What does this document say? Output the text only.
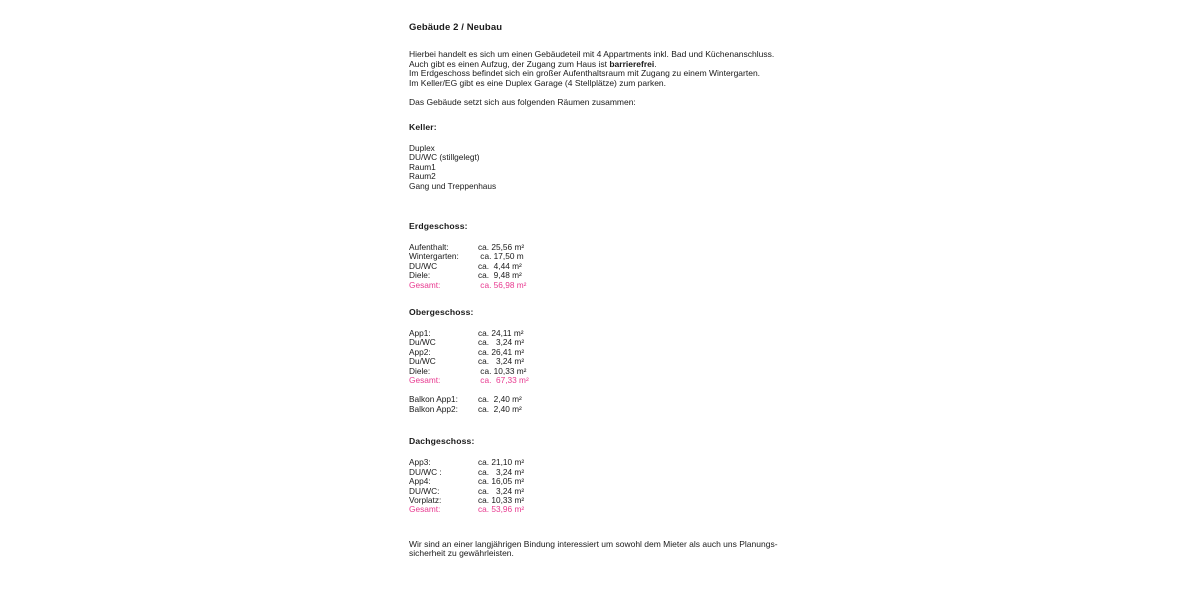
Gebäude 2 / Neubau

Hierbei handelt es sich um einen Gebäudeteil mit 4 Appartments inkl. Bad und Küchenanschluss.

Auch gibt es einen Aufzug, der Zugang zum Haus ist barrierefrei.

Im Erdgeschoss befindet sich ein großer Aufenthaltsraum mit Zugang zu einem Wintergarten.

Im Keller/EG gibt es eine Duplex Garage (4 Stellplätze) zum parken.

Das Gebäude setzt sich aus folgenden Räumen zusammen:

Keller:

Duplex

DU/WC (stillgelegt)

Raum1

Raum2

Gang und Treppenhaus

Erdgeschoss:

Aufenthalt:	ca. 25,56 m²
Wintergarten:	ca. 17,50 m
DU/WC	ca.  4,44 m²
Diele:	ca.  9,48 m²
Gesamt:	ca. 56,98 m²

Obergeschoss:

App1:	ca. 24,11 m²
Du/WC	ca.   3,24 m²
App2:	ca. 26,41 m²
Du/WC	ca.   3,24 m²
Diele:	ca. 10,33 m²
Gesamt:	ca.  67,33 m²
Balkon App1:	ca.  2,40 m²
Balkon App2:	ca.  2,40 m²

Dachgeschoss:

App3:	ca. 21,10 m²
DU/WC :	ca.   3,24 m²
App4:	ca. 16,05 m²
DU/WC:	ca.   3,24 m²
Vorplatz:	ca. 10,33 m²
Gesamt:	ca. 53,96 m²

Wir sind an einer langjährigen Bindung interessiert um sowohl dem Mieter als auch uns Planungs-

sicherheit zu gewährleisten.
